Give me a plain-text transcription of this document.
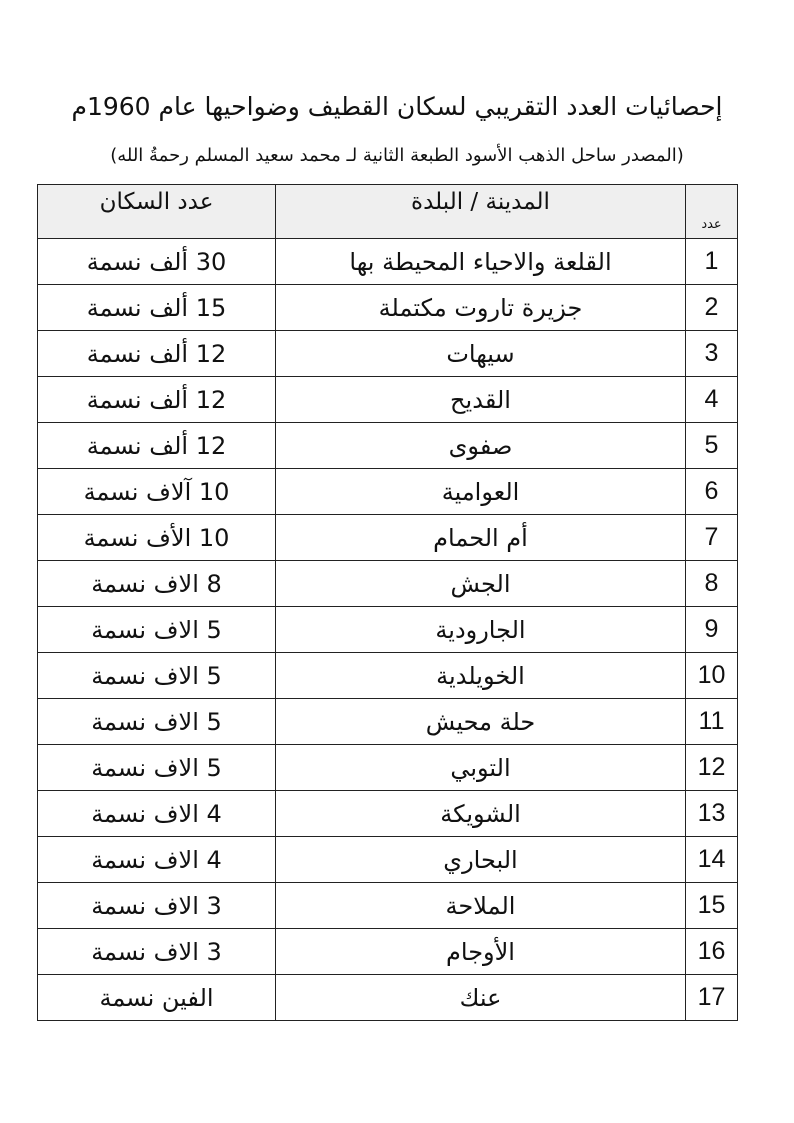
إحصائيات العدد التقريبي لسكان القطيف وضواحيها عام 1960م
(المصدر ساحل الذهب الأسود الطبعة الثانية لـ محمد سعيد المسلم رحمةُ الله)
عدد	المدينة / البلدة	عدد السكان
1	القلعة والاحياء المحيطة بها	30 ألف نسمة
2	جزيرة تاروت مكتملة	15 ألف نسمة
3	سيهات	12 ألف نسمة
4	القديح	12 ألف نسمة
5	صفوى	12 ألف نسمة
6	العوامية	10 آلاف نسمة
7	أم الحمام	10 الأف نسمة
8	الجش	8 الاف نسمة
9	الجارودية	5 الاف نسمة
10	الخويلدية	5 الاف نسمة
11	حلة محيش	5 الاف نسمة
12	التوبي	5 الاف نسمة
13	الشويكة	4 الاف نسمة
14	البحاري	4 الاف نسمة
15	الملاحة	3 الاف نسمة
16	الأوجام	3 الاف نسمة
17	عنك	الفين نسمة
